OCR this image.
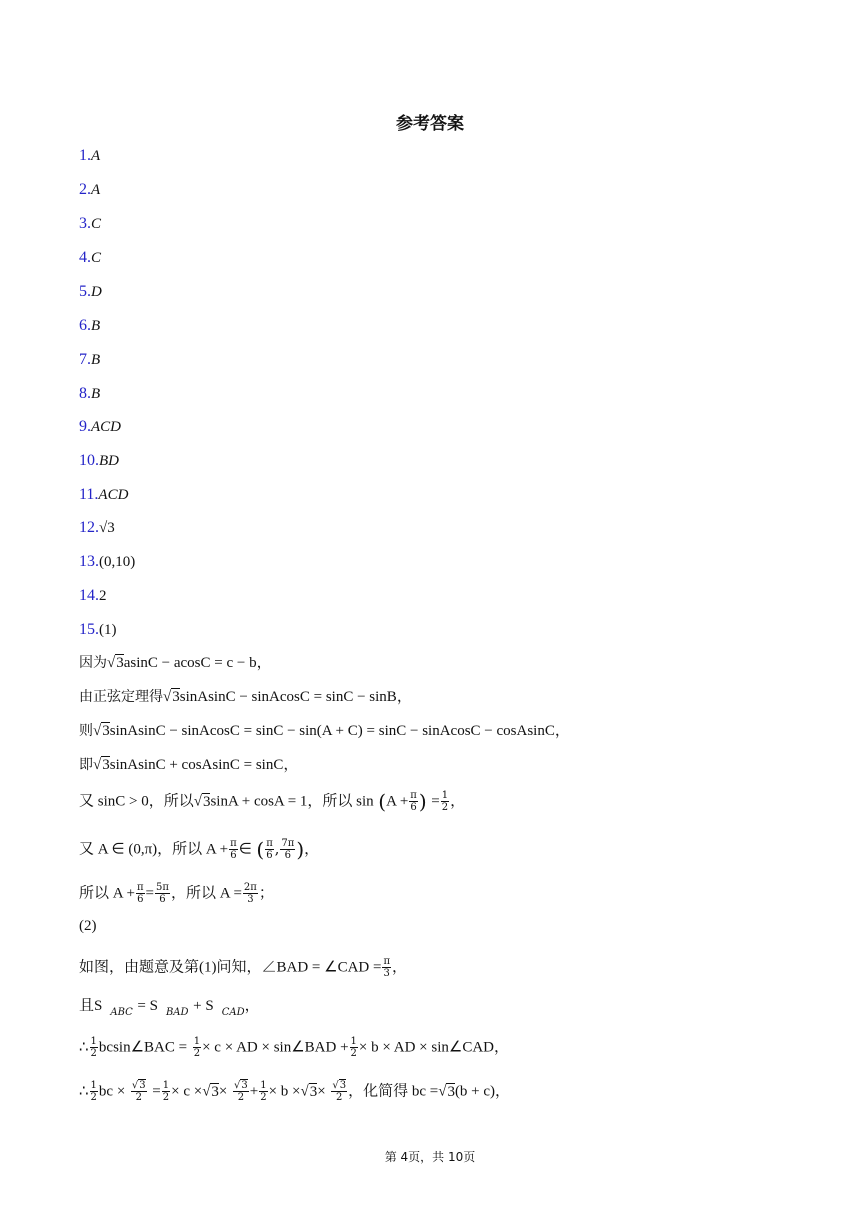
参考答案
1.A
2.A
3.C
4.C
5.D
6.B
7.B
8.B
9.ACD
10.BD
11.ACD
12.√3
13.(0,10)
14.2
15.(1)
因为√3asinC − acosC = c − b，
由正弦定理得√3sinAsinC − sinAcosC = sinC − sinB，
则√3sinAsinC − sinAcosC = sinC − sin(A + C) = sinC − sinAcosC − cosAsinC，
即√3sinAsinC + cosAsinC = sinC，
又 sinC > 0，所以√3sinA + cosA = 1，所以 $\sin (A + \frac{\pi}{6}$ ) = $\frac{1}{2}$ ，
又 A ∈ (0,π)，所以 $A + \frac{\pi}{6}$ ∈ ( $\frac{\pi}{6}$ , $\frac{7\pi}{6}$ )，
所以 $A + \frac{\pi}{6} = \frac{5\pi}{6}$ ，所以 $A = \frac{2\pi}{3}$ ；
(2)
如图，由题意及第(1)问知，∠BAD = ∠CAD = $\frac{\pi}{3}$ ，
且S $_{ABC}$ = S $_{BAD}$ + S $_{CAD}$，
∴ $\frac{1}{2}$ bcsin∠BAC = $\frac{1}{2} \times c$ × AD × sin∠BAD + $\frac{1}{2} \times b$ × AD × sin∠CAD，
∴ $\frac{1}{2}$ bc × $\frac{√3}{2} = \frac{1}{2} \times c \times√3\times \frac{√3}{2} + \frac{1}{2} \times b \times√3\times \frac{√3}{2}$ ，化简得 bc =√3(b + c)，
第 4页，共 10页
